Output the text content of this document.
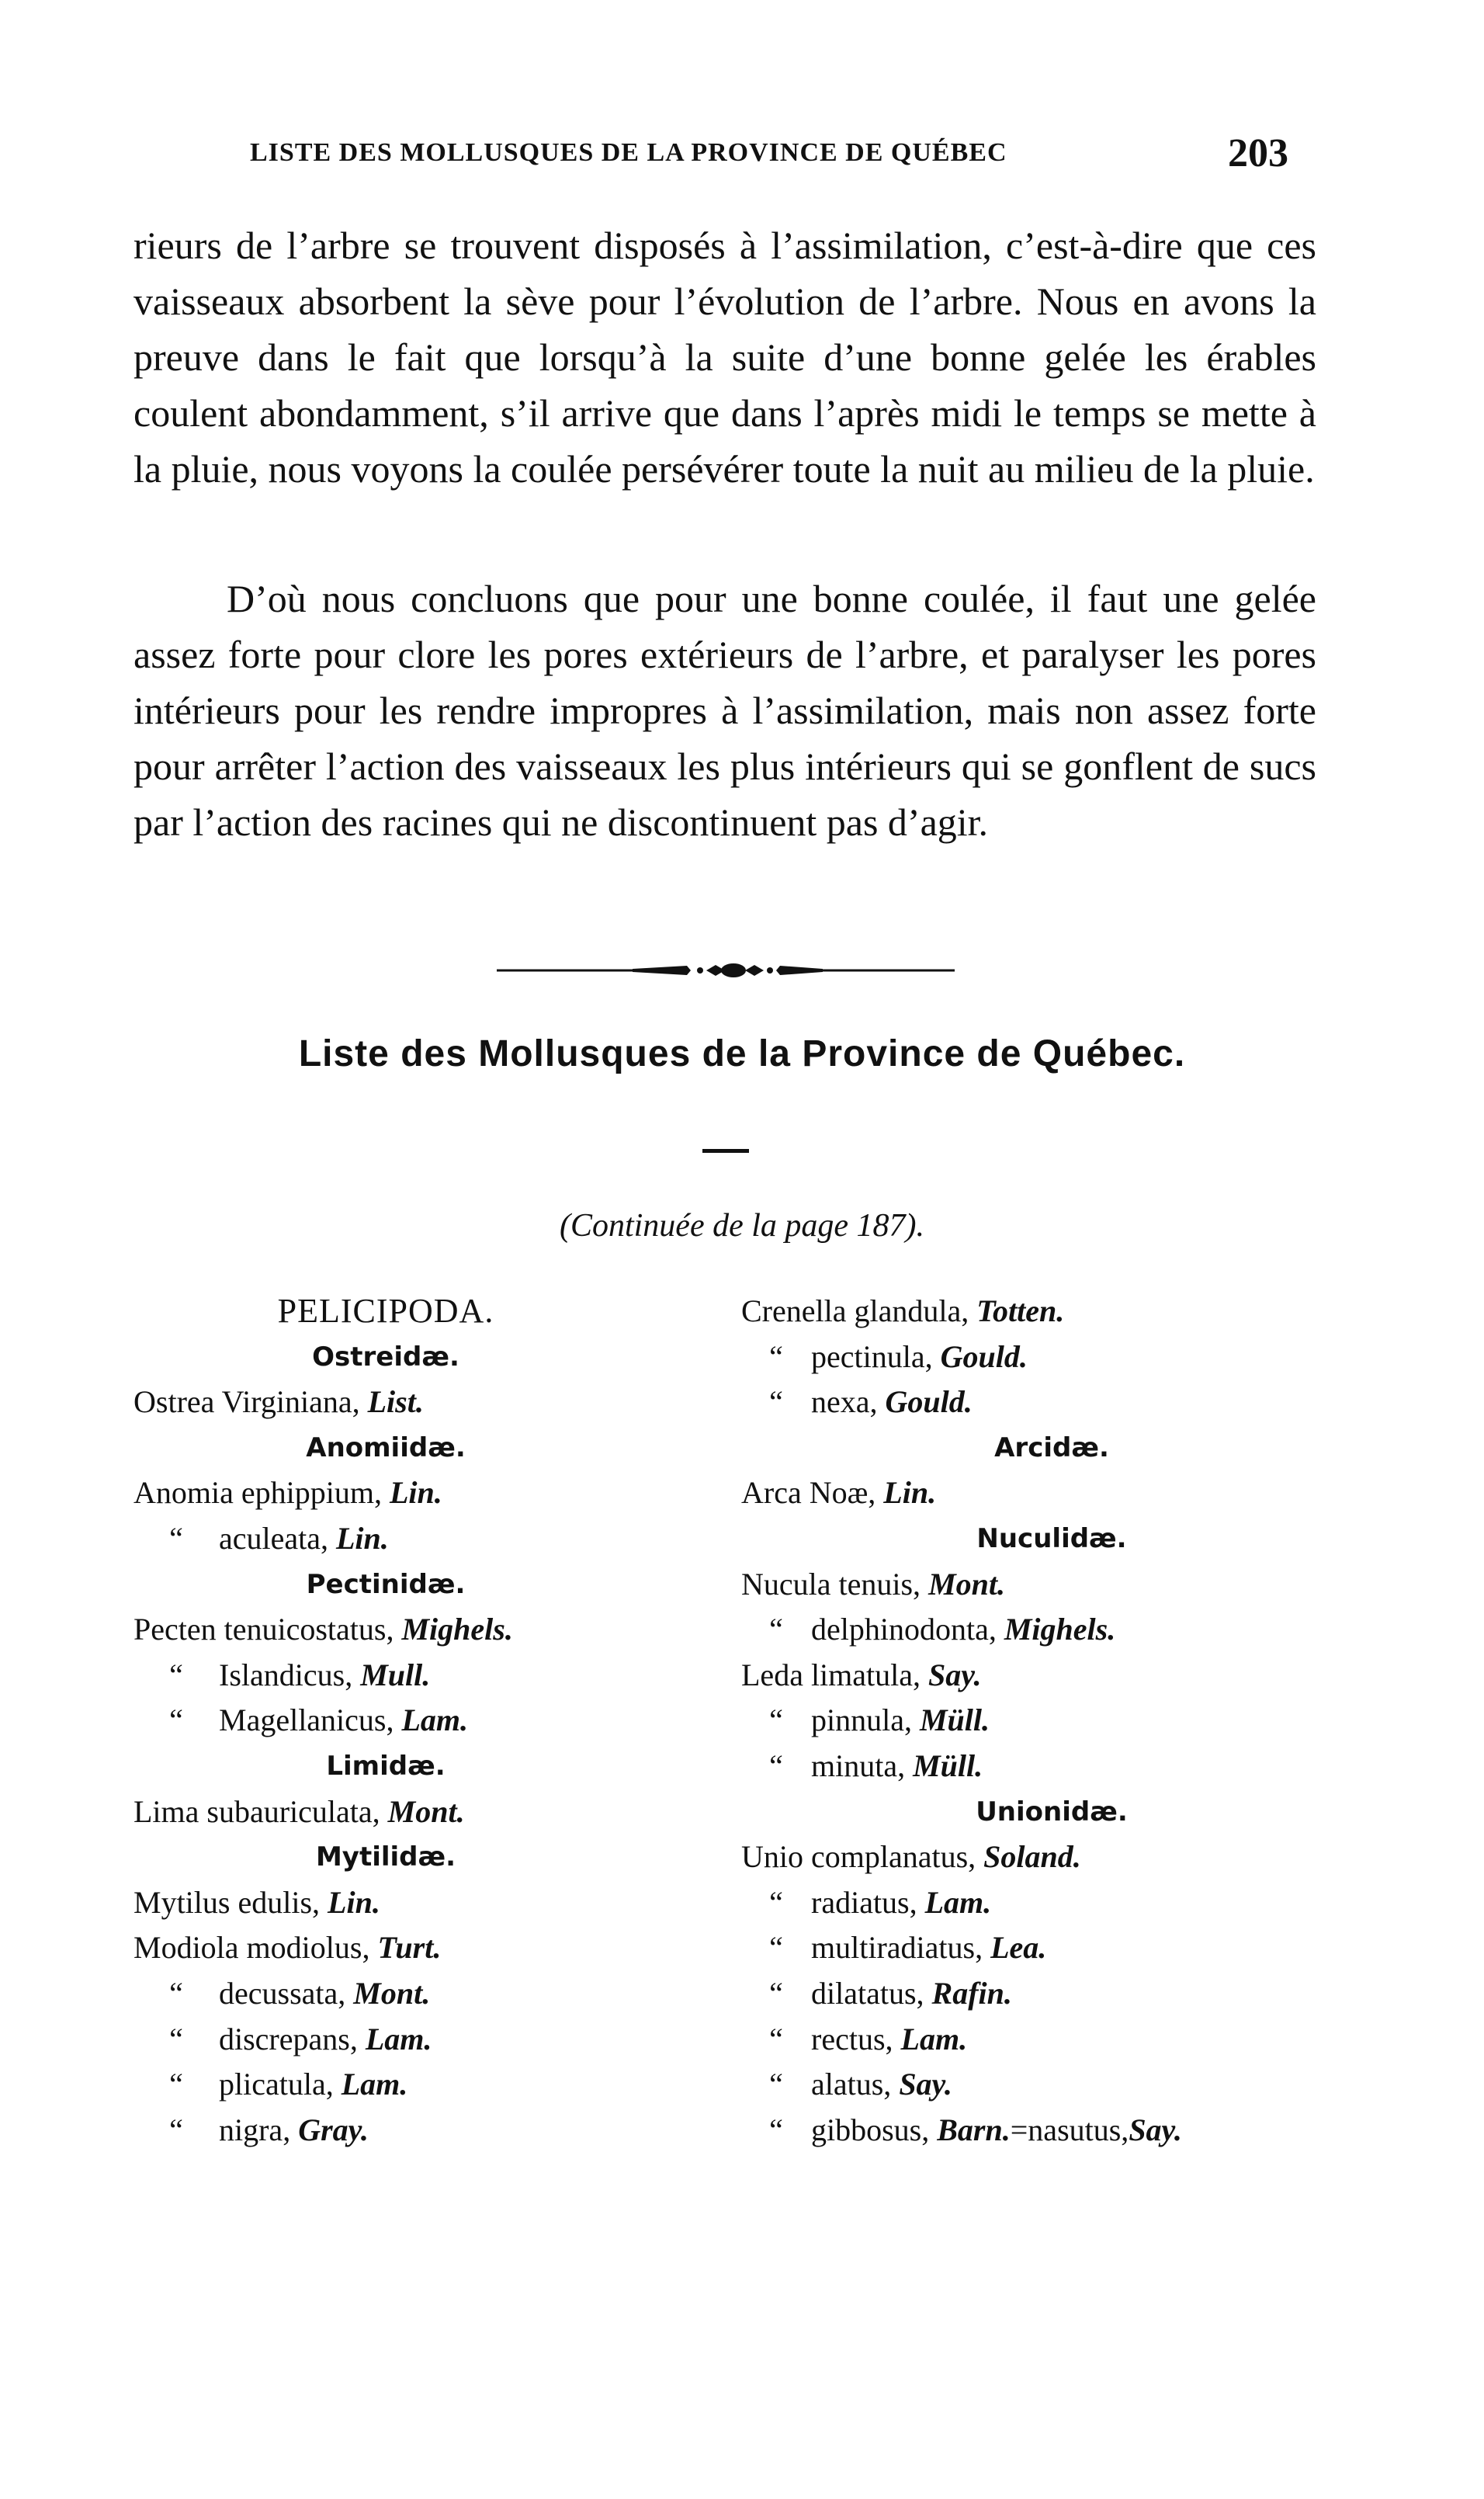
LISTE DES MOLLUSQUES DE LA PROVINCE DE QUÉBEC	203

rieurs de l’arbre se trouvent disposés à l’assimilation, c’est-à-dire que ces vaisseaux absorbent la sève pour l’évolution de l’arbre. Nous en avons la preuve dans le fait que lorsqu’à la suite d’une bonne gelée les érables coulent abondamment, s’il arrive que dans l’après midi le temps se mette à la pluie, nous voyons la coulée persévérer toute la nuit au milieu de la pluie.

D’où nous concluons que pour une bonne coulée, il faut une gelée assez forte pour clore les pores extérieurs de l’arbre, et paralyser les pores intérieurs pour les rendre impropres à l’assimilation, mais non assez forte pour arrêter l’action des vaisseaux les plus intérieurs qui se gonflent de sucs par l’action des racines qui ne discontinuent pas d’agir.

Liste des Mollusques de la Province de Québec.
(Continuée de la page 187).
PELICIPODA.
Ostreidæ.
Ostrea Virginiana, List.
Anomiidæ.
Anomia ephippium, Lin.
“ aculeata, Lin.
Pectinidæ.
Pecten tenuicostatus, Mighels.
“ Islandicus, Mull.
“ Magellanicus, Lam.
Limidæ.
Lima subauriculata, Mont.
Mytilidæ.
Mytilus edulis, Lin.
Modiola modiolus, Turt.
“ decussata, Mont.
“ discrepans, Lam.
“ plicatula, Lam.
“ nigra, Gray.
Crenella glandula, Totten.
“ pectinula, Gould.
“ nexa, Gould.
Arcidæ.
Arca Noæ, Lin.
Nuculidæ.
Nucula tenuis, Mont.
“ delphinodonta, Mighels.
Leda limatula, Say.
“ pinnula, Müll.
“ minuta, Müll.
Unionidæ.
Unio complanatus, Soland.
“ radiatus, Lam.
“ multiradiatus, Lea.
“ dilatatus, Rafin.
“ rectus, Lam.
“ alatus, Say.
“ gibbosus, Barn.=nasutus,Say.
